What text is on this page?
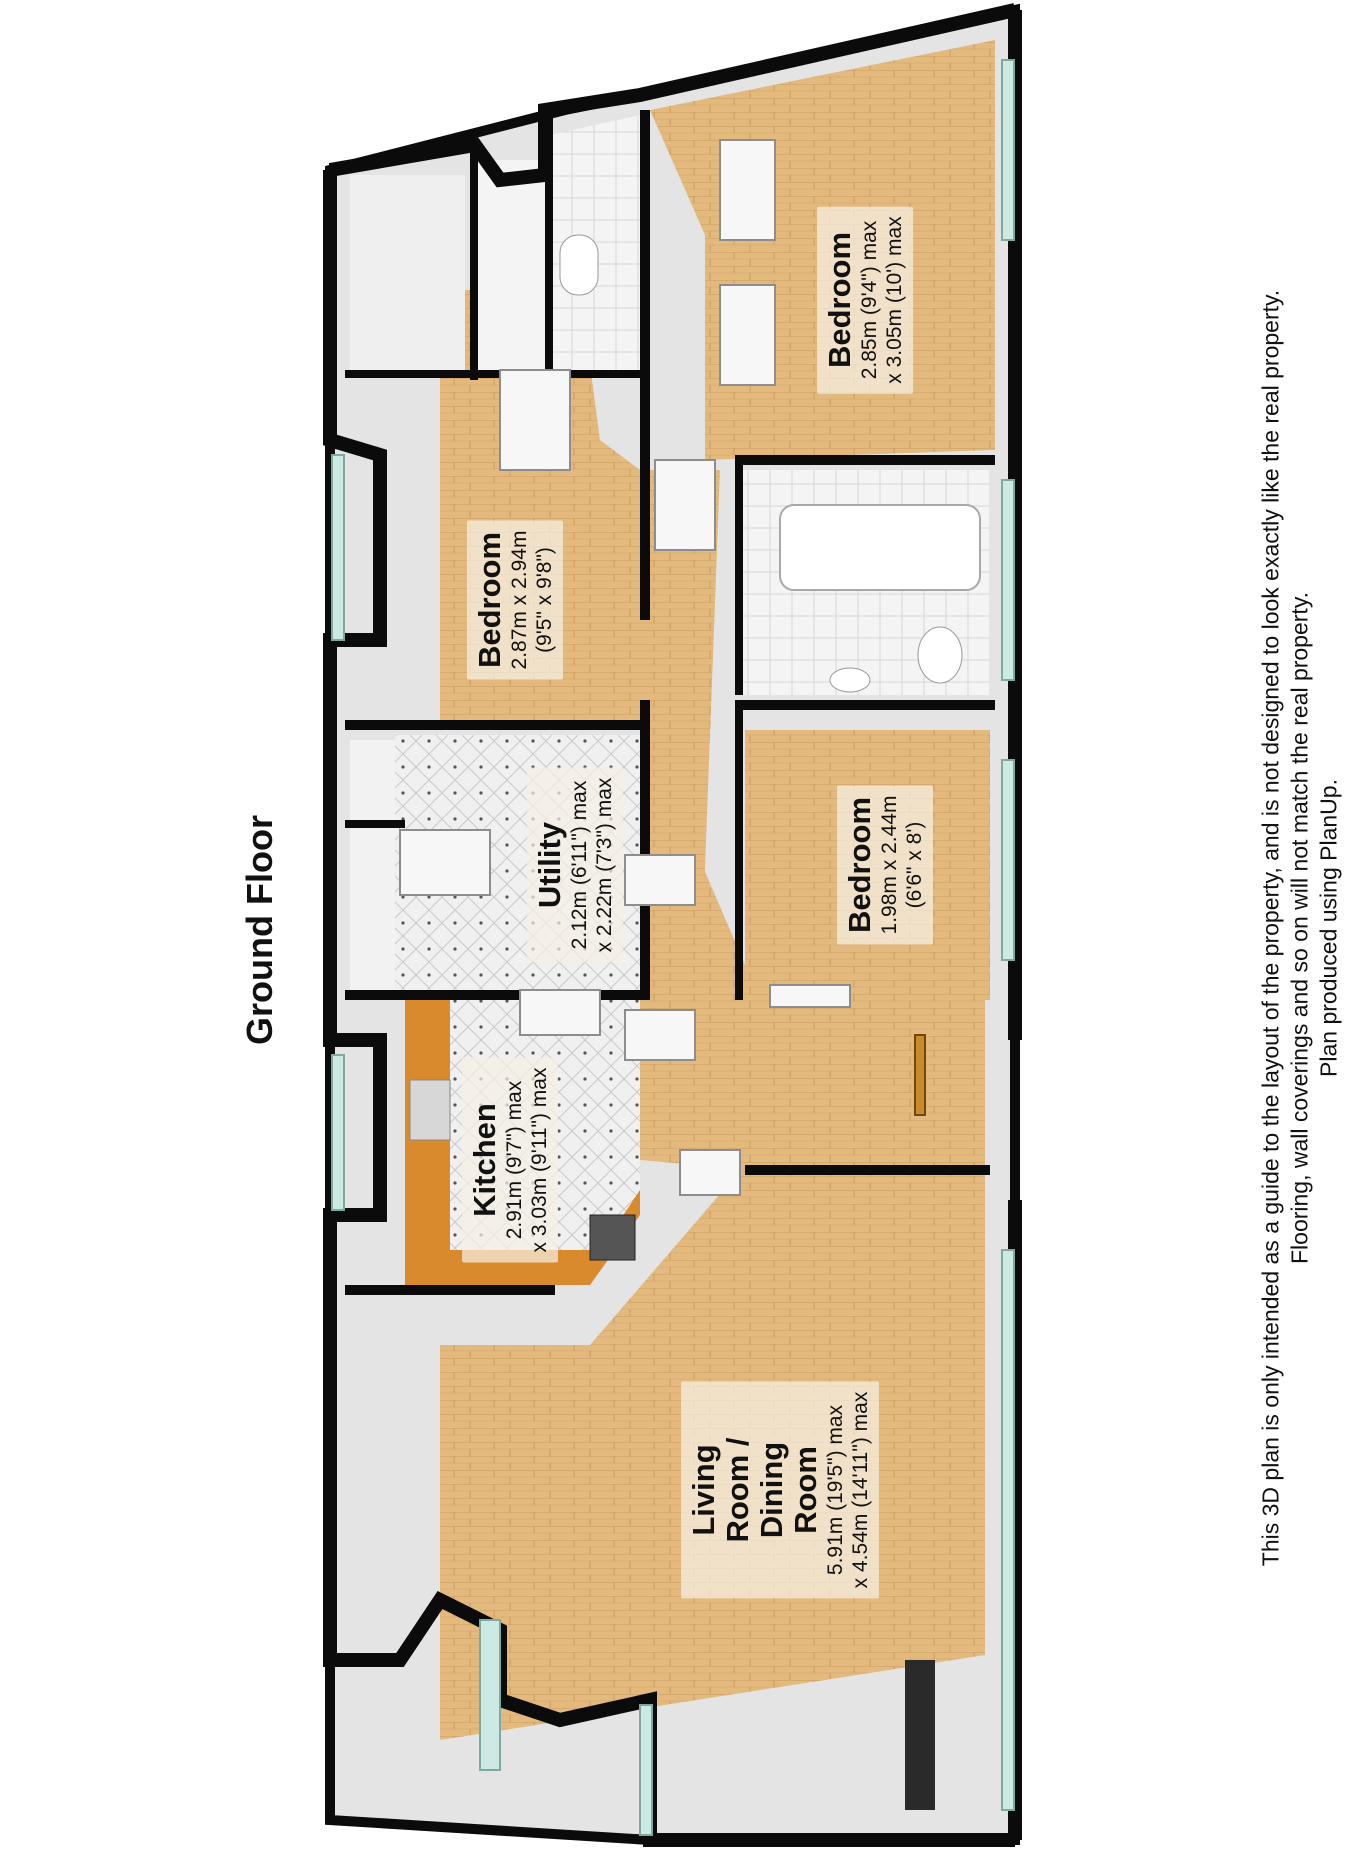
Ground Floor
Bedroom 2.85m (9'4") max x 3.05m (10') max
Bedroom 2.87m x 2.94m (9'5" x 9'8")
Utility 2.12m (6'11") max x 2.22m (7'3") max	Bedroom 1.98m x 2.44m (6'6" x 8')
Kitchen 2.91m (9'7") max x 3.03m (9'11") max
Living Room / Dining Room 5.91m (19'5") max x 4.54m (14'11") max	This 3D plan is only intended as a guide to the layout of the property, and is not designed to look exactly like the real property. Flooring, wall coverings and so on will not match the real property. Plan produced using PlanUp.
